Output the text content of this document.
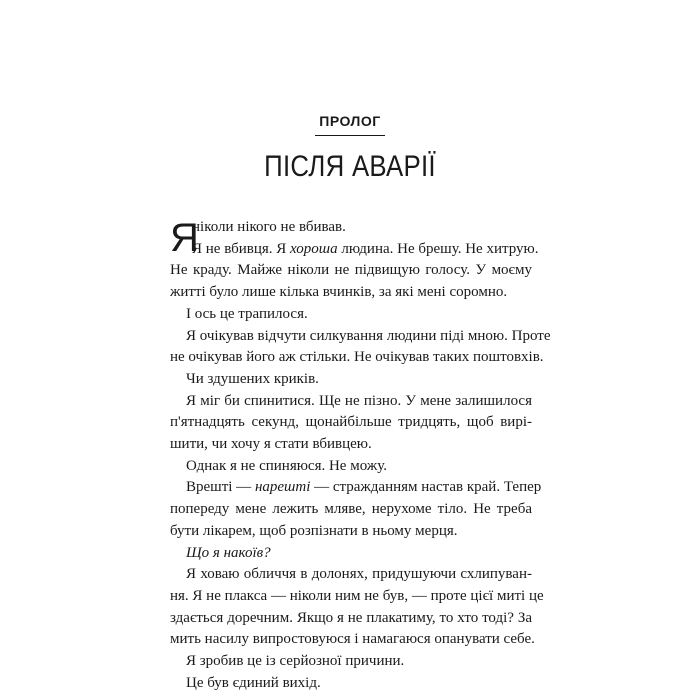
ПРОЛОГ
ПІСЛЯ АВАРІЇ
Я
ніколи нікого не вбивав.
Я не вбивця. Я хороша людина. Не брешу. Не хитрую.
Не краду. Майже ніколи не підвищую голосу. У моєму
житті було лише кілька вчинків, за які мені соромно.
І ось це трапилося.
Я очікував відчути силкування людини піді мною. Проте
не очікував його аж стільки. Не очікував таких поштовхів.
Чи здушених криків.
Я міг би спинитися. Ще не пізно. У мене залишилося
п'ятнадцять секунд, щонайбільше тридцять, щоб вирі-
шити, чи хочу я стати вбивцею.
Однак я не спиняюся. Не можу.
Врешті — нарешті — стражданням настав край. Тепер
попереду мене лежить мляве, нерухоме тіло. Не треба
бути лікарем, щоб розпізнати в ньому мерця.
Що я накоїв?
Я ховаю обличчя в долонях, придушуючи схлипуван-
ня. Я не плакса — ніколи ним не був, — проте цієї миті це
здається доречним. Якщо я не плакатиму, то хто тоді? За
мить насилу випростовуюся і намагаюся опанувати себе.
Я зробив це із серйозної причини.
Це був єдиний вихід.
